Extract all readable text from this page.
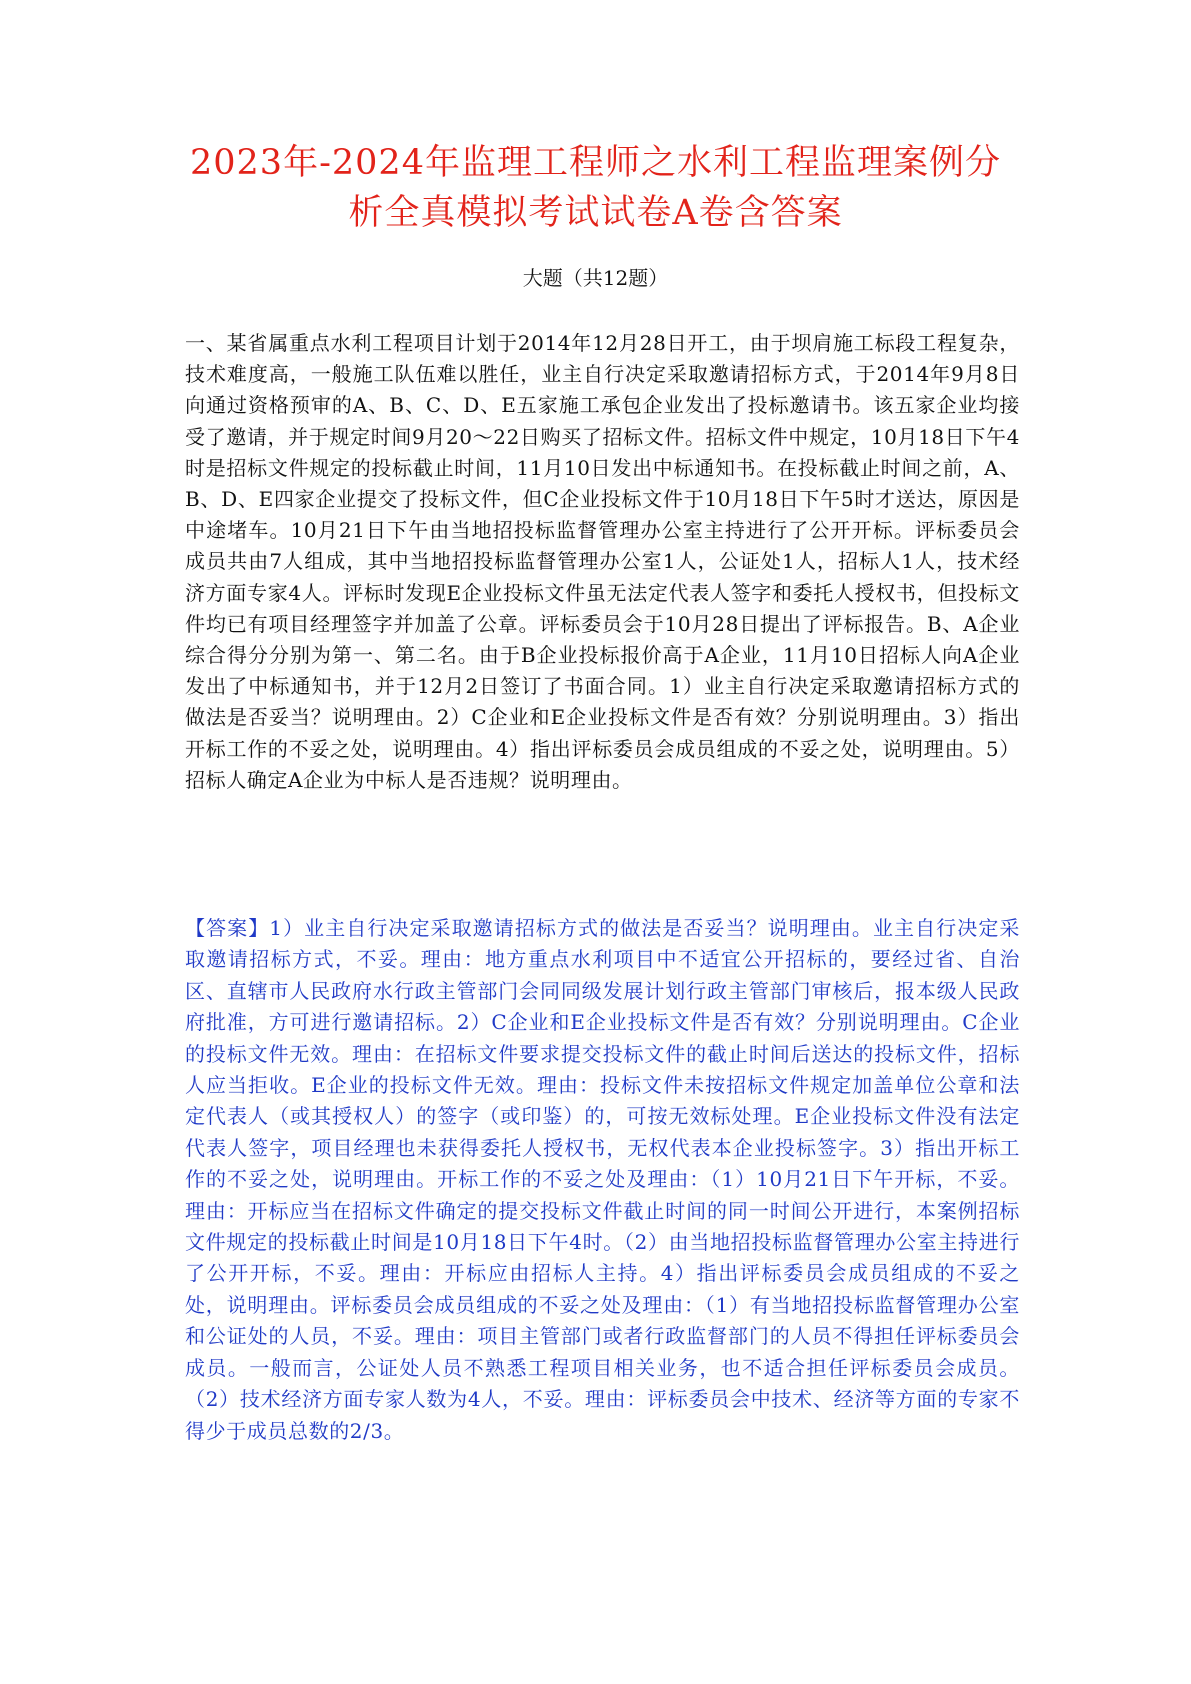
2023年-2024年监理工程师之水利工程监理案例分
析全真模拟考试试卷A卷含答案

大题（共12题）

一、某省属重点水利工程项目计划于2014年12月28日开工，由于坝肩施工标段工程复杂，技术难度高，一般施工队伍难以胜任，业主自行决定采取邀请招标方式，于2014年9月8日向通过资格预审的A、B、C、D、E五家施工承包企业发出了投标邀请书。该五家企业均接受了邀请，并于规定时间9月20～22日购买了招标文件。招标文件中规定，10月18日下午4时是招标文件规定的投标截止时间，11月10日发出中标通知书。在投标截止时间之前，A、B、D、E四家企业提交了投标文件，但C企业投标文件于10月18日下午5时才送达，原因是中途堵车。10月21日下午由当地招投标监督管理办公室主持进行了公开开标。评标委员会成员共由7人组成，其中当地招投标监督管理办公室1人，公证处1人，招标人1人，技术经济方面专家4人。评标时发现E企业投标文件虽无法定代表人签字和委托人授权书，但投标文件均已有项目经理签字并加盖了公章。评标委员会于10月28日提出了评标报告。B、A企业综合得分分别为第一、第二名。由于B企业投标报价高于A企业，11月10日招标人向A企业发出了中标通知书，并于12月2日签订了书面合同。1）业主自行决定采取邀请招标方式的做法是否妥当？说明理由。2）C企业和E企业投标文件是否有效？分别说明理由。3）指出开标工作的不妥之处，说明理由。4）指出评标委员会成员组成的不妥之处，说明理由。5）招标人确定A企业为中标人是否违规？说明理由。

【答案】1）业主自行决定采取邀请招标方式的做法是否妥当？说明理由。业主自行决定采取邀请招标方式，不妥。理由：地方重点水利项目中不适宜公开招标的，要经过省、自治区、直辖市人民政府水行政主管部门会同同级发展计划行政主管部门审核后，报本级人民政府批准，方可进行邀请招标。2）C企业和E企业投标文件是否有效？分别说明理由。C企业的投标文件无效。理由：在招标文件要求提交投标文件的截止时间后送达的投标文件，招标人应当拒收。E企业的投标文件无效。理由：投标文件未按招标文件规定加盖单位公章和法定代表人（或其授权人）的签字（或印鉴）的，可按无效标处理。E企业投标文件没有法定代表人签字，项目经理也未获得委托人授权书，无权代表本企业投标签字。3）指出开标工作的不妥之处，说明理由。开标工作的不妥之处及理由：（1）10月21日下午开标，不妥。理由：开标应当在招标文件确定的提交投标文件截止时间的同一时间公开进行，本案例招标文件规定的投标截止时间是10月18日下午4时。（2）由当地招投标监督管理办公室主持进行了公开开标，不妥。理由：开标应由招标人主持。4）指出评标委员会成员组成的不妥之处，说明理由。评标委员会成员组成的不妥之处及理由：（1）有当地招投标监督管理办公室和公证处的人员，不妥。理由：项目主管部门或者行政监督部门的人员不得担任评标委员会成员。一般而言，公证处人员不熟悉工程项目相关业务，也不适合担任评标委员会成员。（2）技术经济方面专家人数为4人，不妥。理由：评标委员会中技术、经济等方面的专家不得少于成员总数的2/3。
